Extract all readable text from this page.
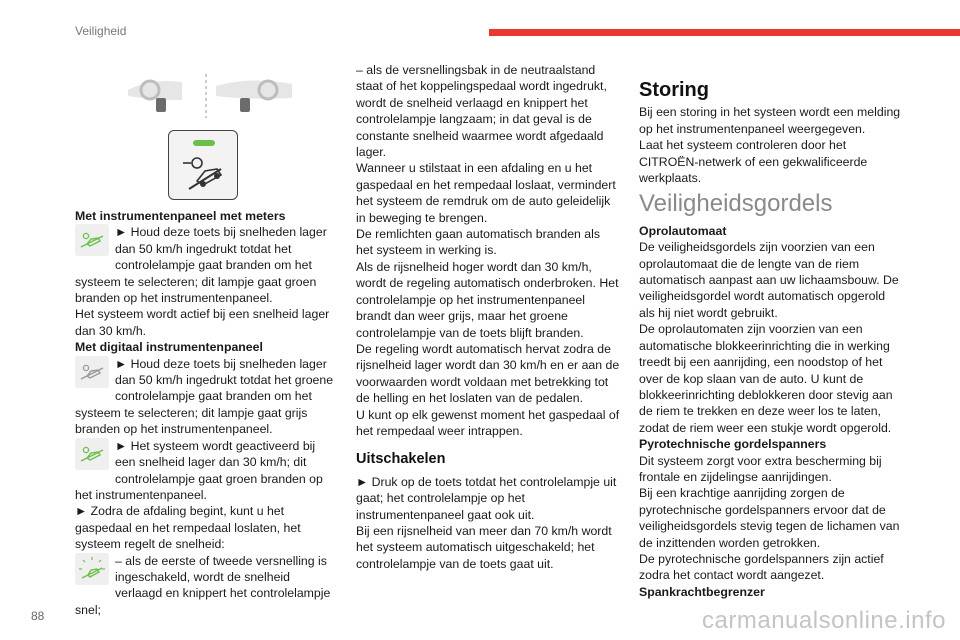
Veiligheid

Met instrumentenpaneel met meters

► Houd deze toets bij snelheden lager dan 50 km/h ingedrukt totdat het controlelampje gaat branden om het systeem te selecteren; dit lampje gaat groen branden op het instrumentenpaneel.

Het systeem wordt actief bij een snelheid lager dan 30 km/h.

Met digitaal instrumentenpaneel

► Houd deze toets bij snelheden lager dan 50 km/h ingedrukt totdat het groene controlelampje gaat branden om het systeem te selecteren; dit lampje gaat grijs branden op het instrumentenpaneel.

► Het systeem wordt geactiveerd bij een snelheid lager dan 30 km/h; dit controlelampje gaat groen branden op het instrumentenpaneel.

► Zodra de afdaling begint, kunt u het gaspedaal en het rempedaal loslaten, het systeem regelt de snelheid:

– als de eerste of tweede versnelling is ingeschakeld, wordt de snelheid verlaagd en knippert het controlelampje snel;

– als de versnellingsbak in de neutraalstand staat of het koppelingspedaal wordt ingedrukt, wordt de snelheid verlaagd en knippert het controlelampje langzaam; in dat geval is de constante snelheid waarmee wordt afgedaald lager.

Wanneer u stilstaat in een afdaling en u het gaspedaal en het rempedaal loslaat, vermindert het systeem de remdruk om de auto geleidelijk in beweging te brengen.

De remlichten gaan automatisch branden als het systeem in werking is.

Als de rijsnelheid hoger wordt dan 30 km/h, wordt de regeling automatisch onderbroken. Het controlelampje op het instrumentenpaneel brandt dan weer grijs, maar het groene controlelampje van de toets blijft branden.

De regeling wordt automatisch hervat zodra de rijsnelheid lager wordt dan 30 km/h en er aan de voorwaarden wordt voldaan met betrekking tot de helling en het loslaten van de pedalen.

U kunt op elk gewenst moment het gaspedaal of het rempedaal weer intrappen.

Uitschakelen

► Druk op de toets totdat het controlelampje uit gaat; het controlelampje op het instrumentenpaneel gaat ook uit.

Bij een rijsnelheid van meer dan 70 km/h wordt het systeem automatisch uitgeschakeld; het controlelampje van de toets gaat uit.

Storing

Bij een storing in het systeen wordt een melding op het instrumentenpaneel weergegeven.

Laat het systeem controleren door het CITROËN-netwerk of een gekwalificeerde werkplaats.

Veiligheidsgordels

Oprolautomaat

De veiligheidsgordels zijn voorzien van een oprolautomaat die de lengte van de riem automatisch aanpast aan uw lichaamsbouw. De veiligheidsgordel wordt automatisch opgerold als hij niet wordt gebruikt.

De oprolautomaten zijn voorzien van een automatische blokkeerinrichting die in werking treedt bij een aanrijding, een noodstop of het over de kop slaan van de auto. U kunt de blokkeerinrichting deblokkeren door stevig aan de riem te trekken en deze weer los te laten, zodat de riem weer een stukje wordt opgerold.

Pyrotechnische gordelspanners

Dit systeem zorgt voor extra bescherming bij frontale en zijdelingse aanrijdingen.

Bij een krachtige aanrijding zorgen de pyrotechnische gordelspanners ervoor dat de veiligheidsgordels stevig tegen de lichamen van de inzittenden worden getrokken.

De pyrotechnische gordelspanners zijn actief zodra het contact wordt aangezet.

Spankrachtbegrenzer

88	carmanualsonline.info
